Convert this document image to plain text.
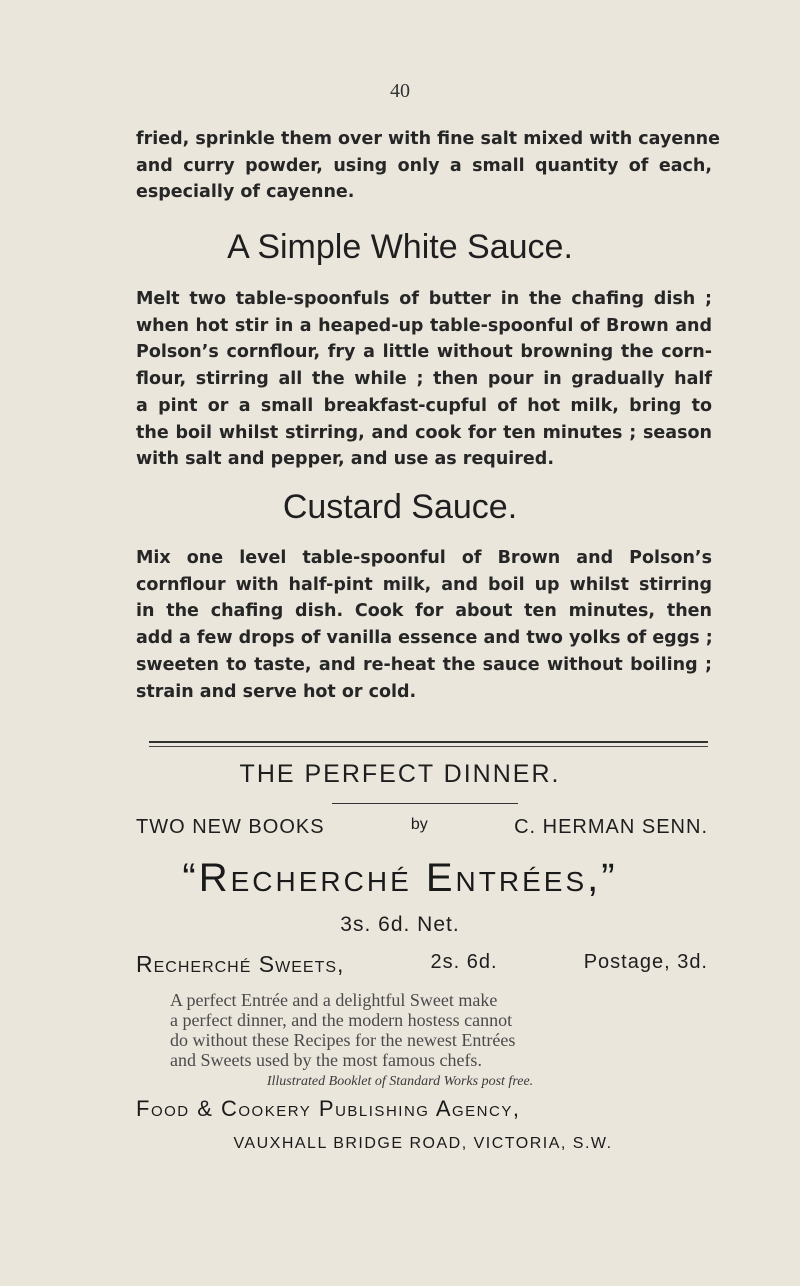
40
fried, sprinkle them over with fine salt mixed with cayenne
and curry powder, using only a small quantity of each,
especially of cayenne.
A Simple White Sauce.
Melt two table-spoonfuls of butter in the chafing dish ;
when hot stir in a heaped-up table-spoonful of Brown and
Polson’s cornflour, fry a little without browning the corn-
flour, stirring all the while ; then pour in gradually half
a pint or a small breakfast-cupful of hot milk, bring to
the boil whilst stirring, and cook for ten minutes ; season
with salt and pepper, and use as required.
Custard Sauce.
Mix one level table-spoonful of Brown and Polson’s
cornflour with half-pint milk, and boil up whilst stirring
in the chafing dish. Cook for about ten minutes, then
add a few drops of vanilla essence and two yolks of eggs ;
sweeten to taste, and re-heat the sauce without boiling ;
strain and serve hot or cold.
THE PERFECT DINNER.
TWO NEW BOOKS	by	C. HERMAN SENN.
“Recherché Entrées,”
3s. 6d. Net.
Recherché Sweets,	2s. 6d.	Postage, 3d.
A perfect Entrée and a delightful Sweet make
a perfect dinner, and the modern hostess cannot
do without these Recipes for the newest Entrées
and Sweets used by the most famous chefs.
Illustrated Booklet of Standard Works post free.
Food & Cookery Publishing Agency,
VAUXHALL BRIDGE ROAD, VICTORIA, S.W.
